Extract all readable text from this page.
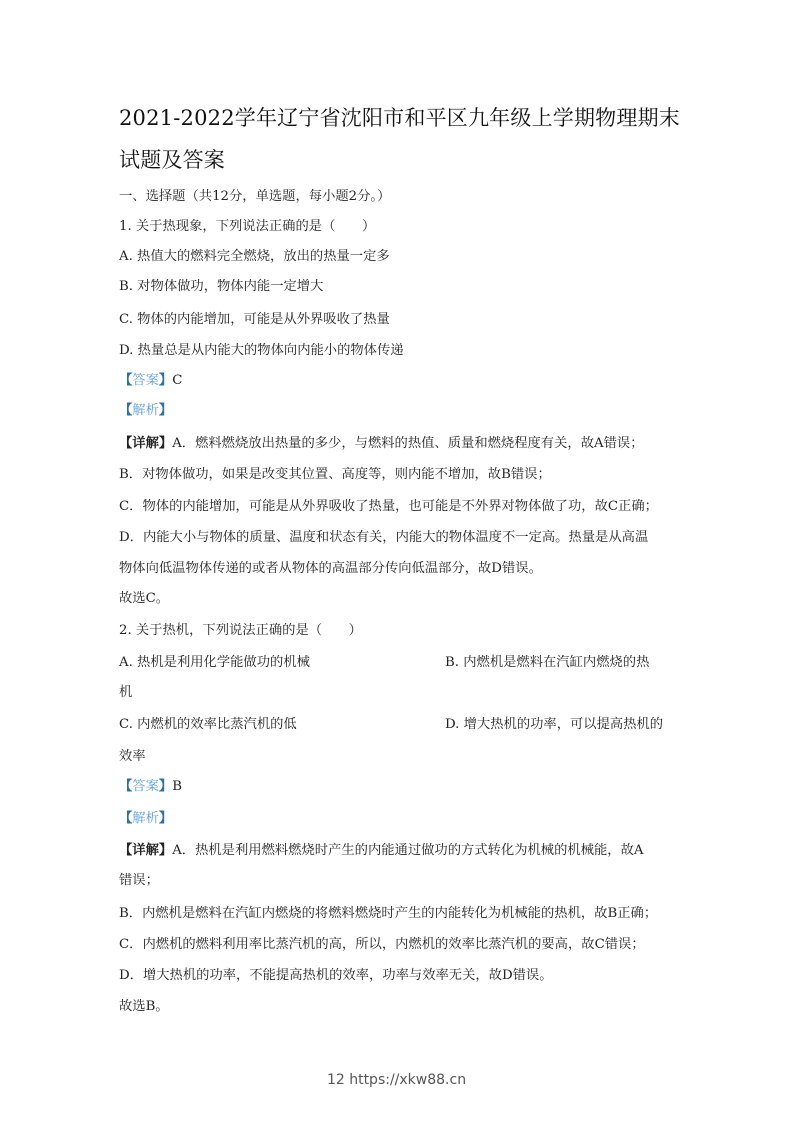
2021-2022学年辽宁省沈阳市和平区九年级上学期物理期末
试题及答案
一、选择题（共12分，单选题，每小题2分。）
1. 关于热现象，下列说法正确的是（　　）
A. 热值大的燃料完全燃烧，放出的热量一定多
B. 对物体做功，物体内能一定增大
C. 物体的内能增加，可能是从外界吸收了热量
D. 热量总是从内能大的物体向内能小的物体传递
【答案】C
【解析】
【详解】A．燃料燃烧放出热量的多少，与燃料的热值、质量和燃烧程度有关，故A错误；
B．对物体做功，如果是改变其位置、高度等，则内能不增加，故B错误；
C．物体的内能增加，可能是从外界吸收了热量，也可能是不外界对物体做了功，故C正确；
D．内能大小与物体的质量、温度和状态有关，内能大的物体温度不一定高。热量是从高温
物体向低温物体传递的或者从物体的高温部分传向低温部分，故D错误。
故选C。
2. 关于热机，下列说法正确的是（　　）
A. 热机是利用化学能做功的机械	B. 内燃机是燃料在汽缸内燃烧的热
机
C. 内燃机的效率比蒸汽机的低	D. 增大热机的功率，可以提高热机的
效率
【答案】B
【解析】
【详解】A．热机是利用燃料燃烧时产生的内能通过做功的方式转化为机械的机械能，故A
错误；
B．内燃机是燃料在汽缸内燃烧的将燃料燃烧时产生的内能转化为机械能的热机，故B正确；
C．内燃机的燃料利用率比蒸汽机的高，所以，内燃机的效率比蒸汽机的要高，故C错误；
D．增大热机的功率，不能提高热机的效率，功率与效率无关，故D错误。
故选B。
12 https://xkw88.cn
